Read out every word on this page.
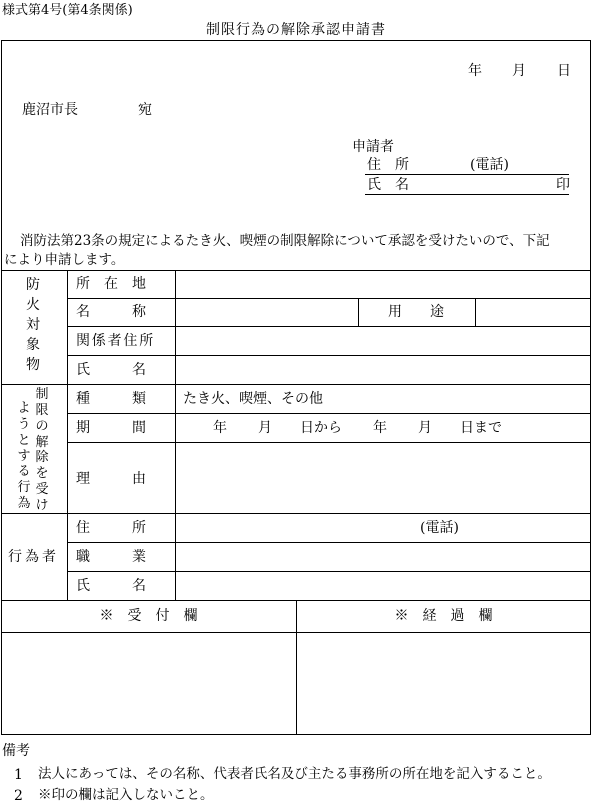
様式第4号(第4条関係)
制限行為の解除承認申請書
年 月 日
鹿沼市長	宛
申請者
住　所	(電話)
氏　名	印
消防法第23条の規定によるたき火、喫煙の制限解除について承認を受けたいので、下記
により申請します。
防火対象物
所　在　地
名　　　称	用　　途
関係者住所
氏　　　名
制限の解除を受け
ようとする行為
種　　　類	たき火、喫煙、その他
期　　　間	年 月 日から 年 月 日まで
理　　　由
行為者
住　　　所	(電話)
職　　　業
氏　　　名
※　受　付　欄	※　経　過　欄
備考
1 法人にあっては、その名称、代表者氏名及び主たる事務所の所在地を記入すること。
2 ※印の欄は記入しないこと。
